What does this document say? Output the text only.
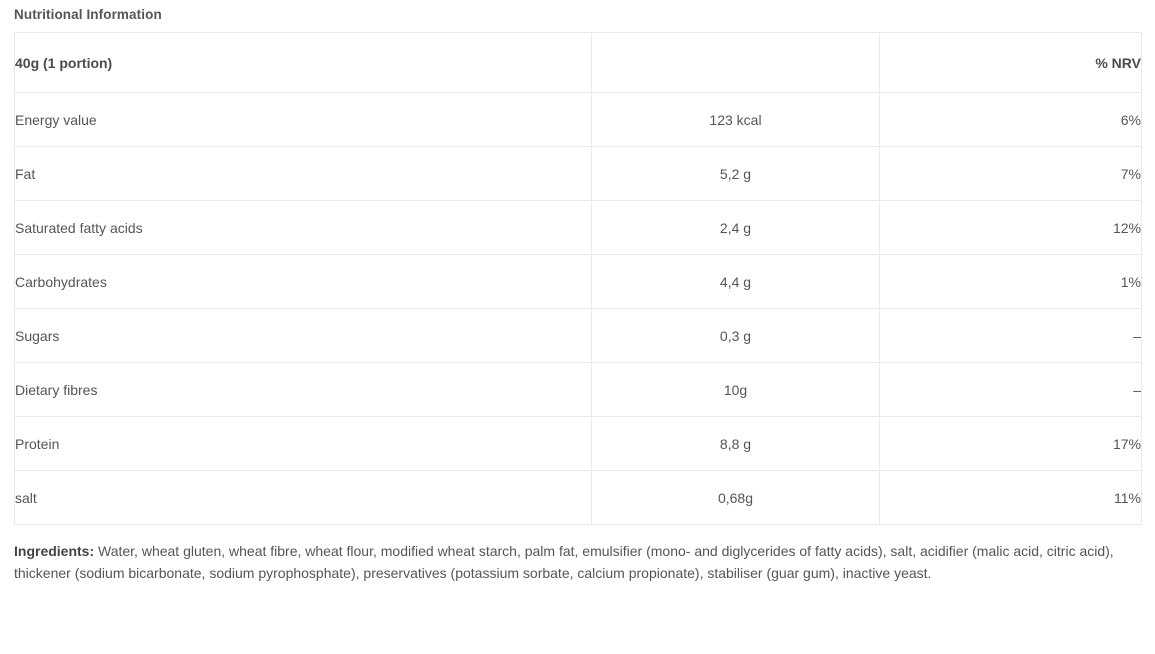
Nutritional Information
40g (1 portion)		% NRV
Energy value	123 kcal	6%
Fat	5,2 g	7%
Saturated fatty acids	2,4 g	12%
Carbohydrates	4,4 g	1%
Sugars	0,3 g	–
Dietary fibres	10g	–
Protein	8,8 g	17%
salt	0,68g	11%

Ingredients: Water, wheat gluten, wheat fibre, wheat flour, modified wheat starch, palm fat, emulsifier (mono- and diglycerides of fatty acids), salt, acidifier (malic acid, citric acid), thickener (sodium bicarbonate, sodium pyrophosphate), preservatives (potassium sorbate, calcium propionate), stabiliser (guar gum), inactive yeast.
